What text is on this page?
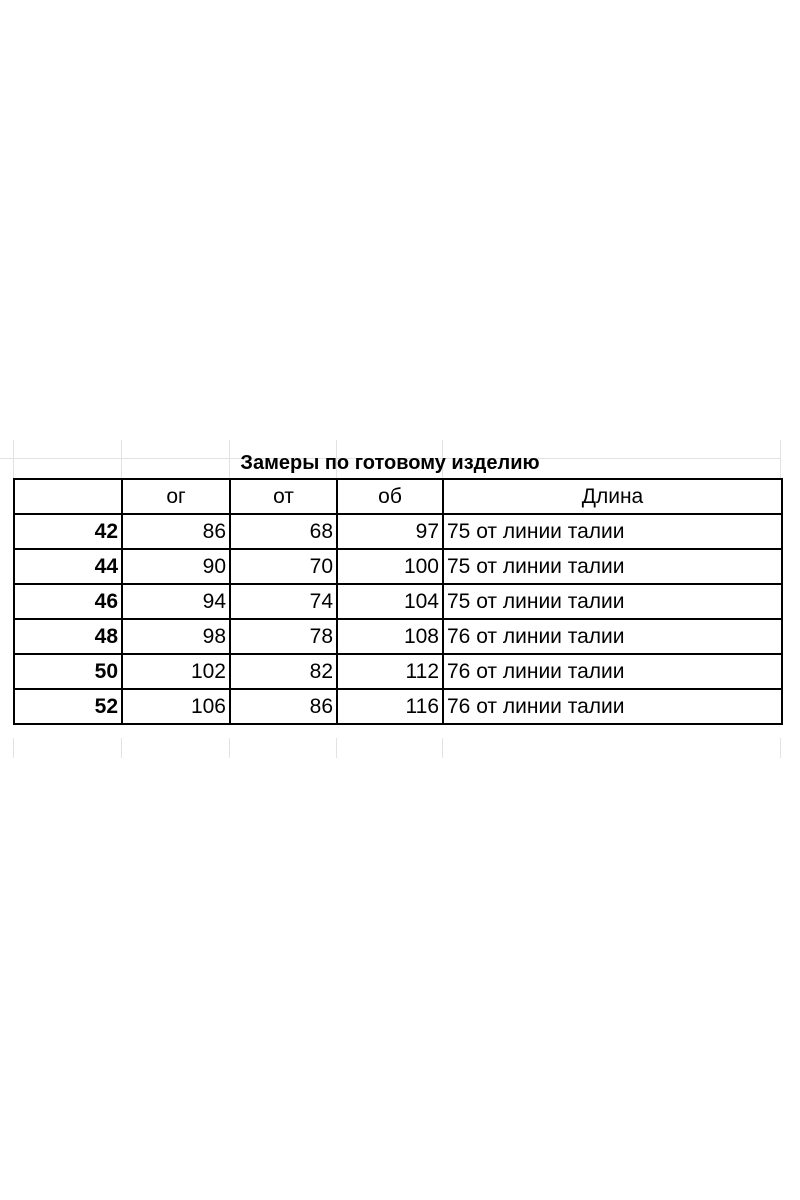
Замеры по готовому изделию
	ог	от	об	Длина
42	86	68	97	75 от линии талии
44	90	70	100	75 от линии талии
46	94	74	104	75 от линии талии
48	98	78	108	76 от линии талии
50	102	82	112	76 от линии талии
52	106	86	116	76 от линии талии
